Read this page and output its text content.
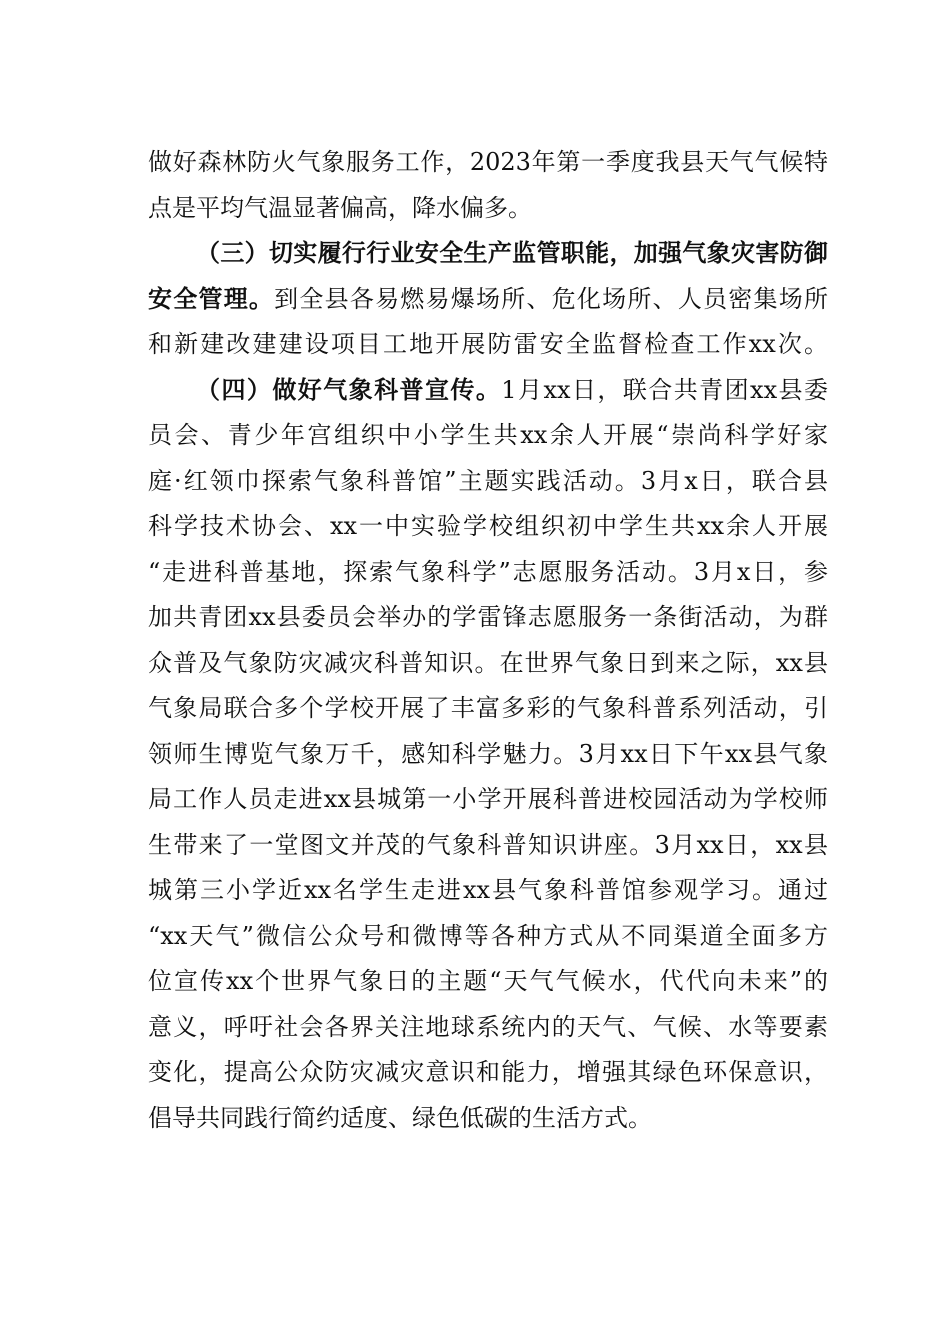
做好森林防火气象服务工作，2023年第一季度我县天气气候特
点是平均气温显著偏高，降水偏多。
（三）切实履行行业安全生产监管职能，加强气象灾害防御
安全管理。到全县各易燃易爆场所、危化场所、人员密集场所
和新建改建建设项目工地开展防雷安全监督检查工作xx次。
（四）做好气象科普宣传。1月xx日，联合共青团xx县委
员会、青少年宫组织中小学生共xx余人开展“崇尚科学好家
庭·红领巾探索气象科普馆”主题实践活动。3月x日，联合县
科学技术协会、xx一中实验学校组织初中学生共xx余人开展
“走进科普基地，探索气象科学”志愿服务活动。3月x日，参
加共青团xx县委员会举办的学雷锋志愿服务一条街活动，为群
众普及气象防灾减灾科普知识。在世界气象日到来之际，xx县
气象局联合多个学校开展了丰富多彩的气象科普系列活动，引
领师生博览气象万千，感知科学魅力。3月xx日下午xx县气象
局工作人员走进xx县城第一小学开展科普进校园活动为学校师
生带来了一堂图文并茂的气象科普知识讲座。3月xx日，xx县
城第三小学近xx名学生走进xx县气象科普馆参观学习。通过
“xx天气”微信公众号和微博等各种方式从不同渠道全面多方
位宣传xx个世界气象日的主题“天气气候水，代代向未来”的
意义，呼吁社会各界关注地球系统内的天气、气候、水等要素
变化，提高公众防灾减灾意识和能力，增强其绿色环保意识，
倡导共同践行简约适度、绿色低碳的生活方式。
